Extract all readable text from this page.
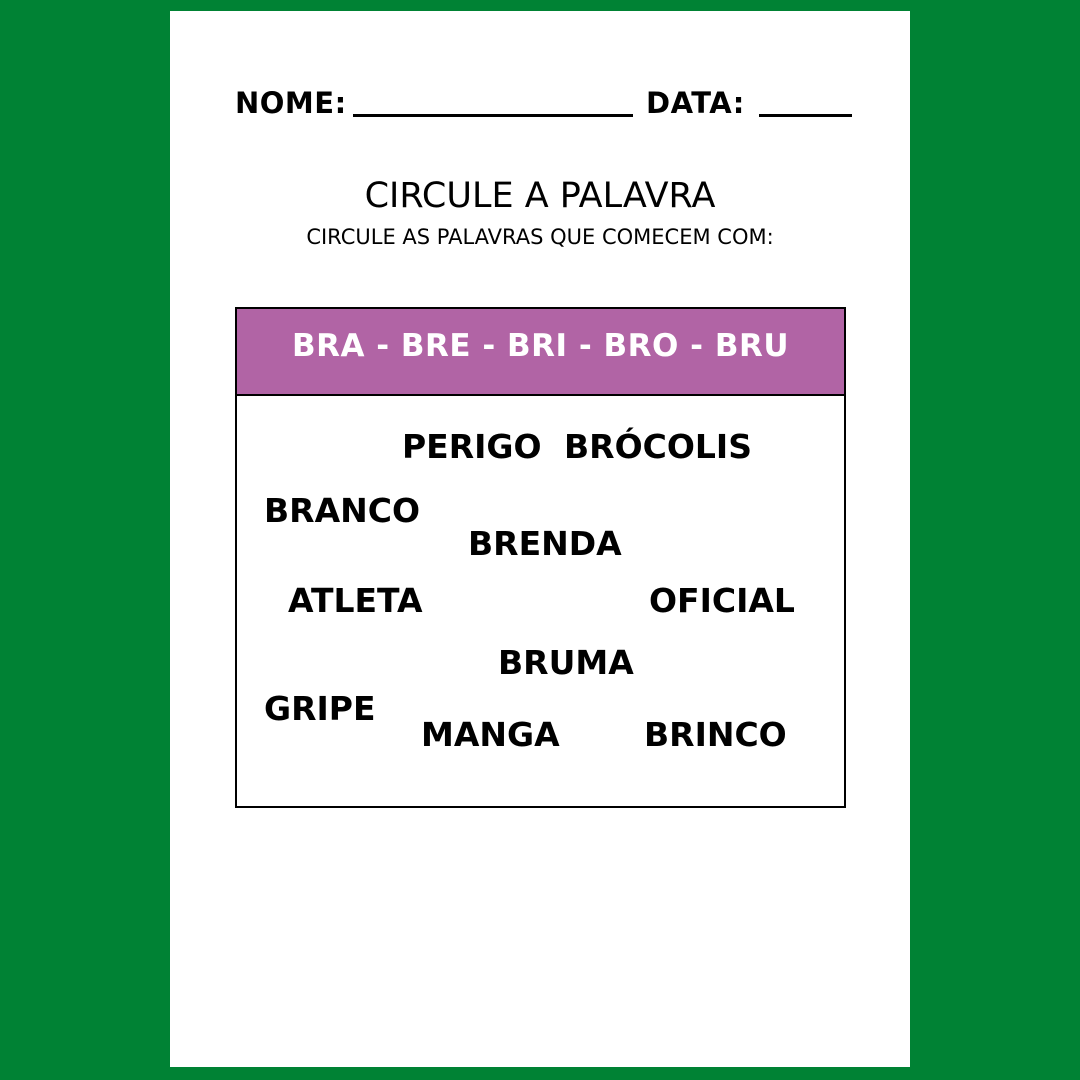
NOME:	DATA:
CIRCULE A PALAVRA
CIRCULE AS PALAVRAS QUE COMECEM COM:
BRA - BRE - BRI - BRO - BRU
PERIGO BRÓCOLIS
BRANCO
BRENDA
ATLETA	OFICIAL
BRUMA
GRIPE
MANGA	BRINCO
